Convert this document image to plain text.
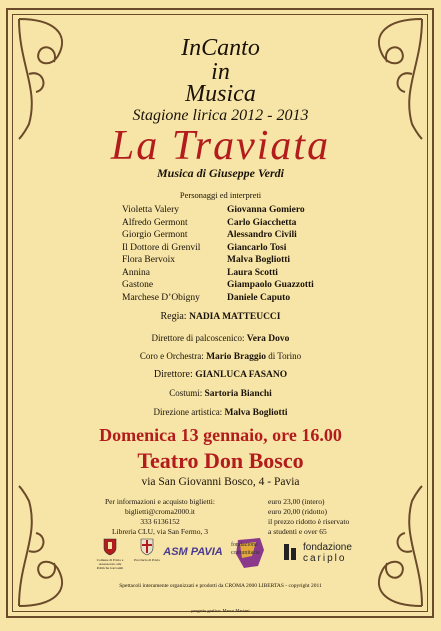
InCanto
in
Musica
Stagione lirica 2012 - 2013
La Traviata
Musica di Giuseppe Verdi
Personaggi ed interpreti
Violetta Valery	Giovanna Gomiero
Alfredo Germont	Carlo Giacchetta
Giorgio Germont	Alessandro Civili
Il Dottore di Grenvil	Giancarlo Tosi
Flora Bervoix	Malva Bogliotti
Annina	Laura Scotti
Gastone	Giampaolo Guazzotti
Marchese D’Obigny	Daniele Caputo
Regia: NADIA MATTEUCCI
Direttore di palcoscenico: Vera Dovo
Coro e Orchestra: Mario Braggio di Torino
Direttore: GIANLUCA FASANO
Costumi: Sartoria Bianchi
Direzione artistica: Malva Bogliotti
Domenica 13 gennaio, ore 16.00
Teatro Don Bosco
via San Giovanni Bosco, 4 - Pavia
Per informazioni e acquisto biglietti:
biglietti@croma2000.it
333 6136152
Libreria CLU, via San Fermo, 3
euro 23,00 (intero)
euro 20,00 (ridotto)
il prezzo ridotto è riservato
a studenti e over 65
Comune di Pavia e Assessorato alle Politiche Giovanili
Provincia di Pavia
ASM PAVIA
fondazione
comunitaria	fondazione
cariplo
Spettacoli interamente organizzati e prodotti da CROMA 2000 LIBERTAS - copyright 2011
progetto grafico: Marco Mariani
